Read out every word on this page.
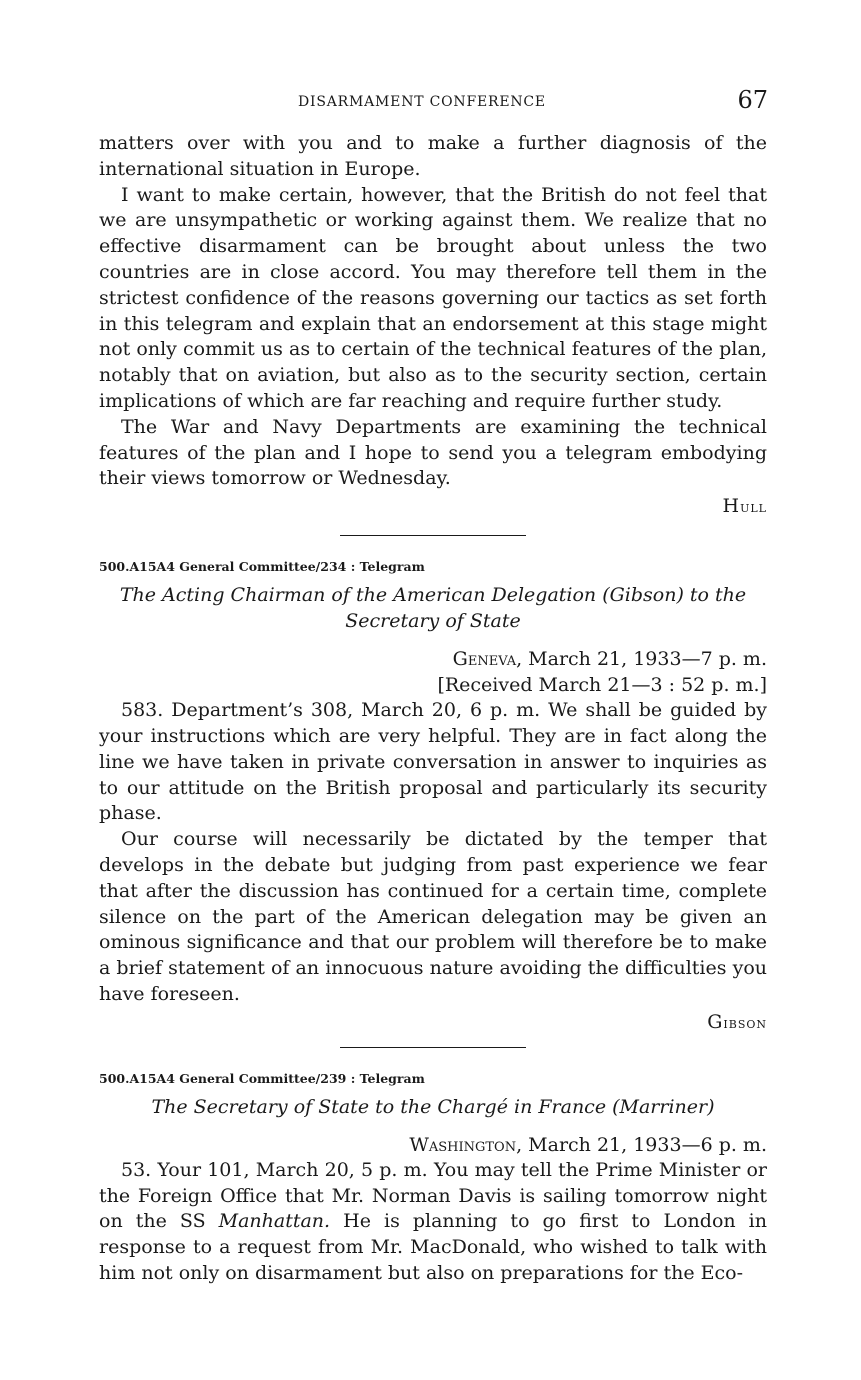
DISARMAMENT CONFERENCE	67

matters over with you and to make a further diagnosis of the international situation in Europe.

I want to make certain, however, that the British do not feel that we are unsympathetic or working against them. We realize that no effective disarmament can be brought about unless the two countries are in close accord. You may therefore tell them in the strictest confidence of the reasons governing our tactics as set forth in this telegram and explain that an endorsement at this stage might not only commit us as to certain of the technical features of the plan, notably that on aviation, but also as to the security section, certain implications of which are far reaching and require further study.

The War and Navy Departments are examining the technical features of the plan and I hope to send you a telegram embodying their views tomorrow or Wednesday.

Hull
500.A15A4 General Committee/234 : Telegram
The Acting Chairman of the American Delegation (Gibson) to the Secretary of State
Geneva, March 21, 1933—7 p. m.
[Received March 21—3 : 52 p. m.]

583. Department’s 308, March 20, 6 p. m. We shall be guided by your instructions which are very helpful. They are in fact along the line we have taken in private conversation in answer to inquiries as to our attitude on the British proposal and particularly its security phase.

Our course will necessarily be dictated by the temper that develops in the debate but judging from past experience we fear that after the discussion has continued for a certain time, complete silence on the part of the American delegation may be given an ominous significance and that our problem will therefore be to make a brief statement of an innocuous nature avoiding the difficulties you have foreseen.

Gibson
500.A15A4 General Committee/239 : Telegram
The Secretary of State to the Chargé in France (Marriner)
Washington, March 21, 1933—6 p. m.

53. Your 101, March 20, 5 p. m. You may tell the Prime Minister or the Foreign Office that Mr. Norman Davis is sailing tomorrow night on the SS Manhattan. He is planning to go first to London in response to a request from Mr. MacDonald, who wished to talk with him not only on disarmament but also on preparations for the Eco-
